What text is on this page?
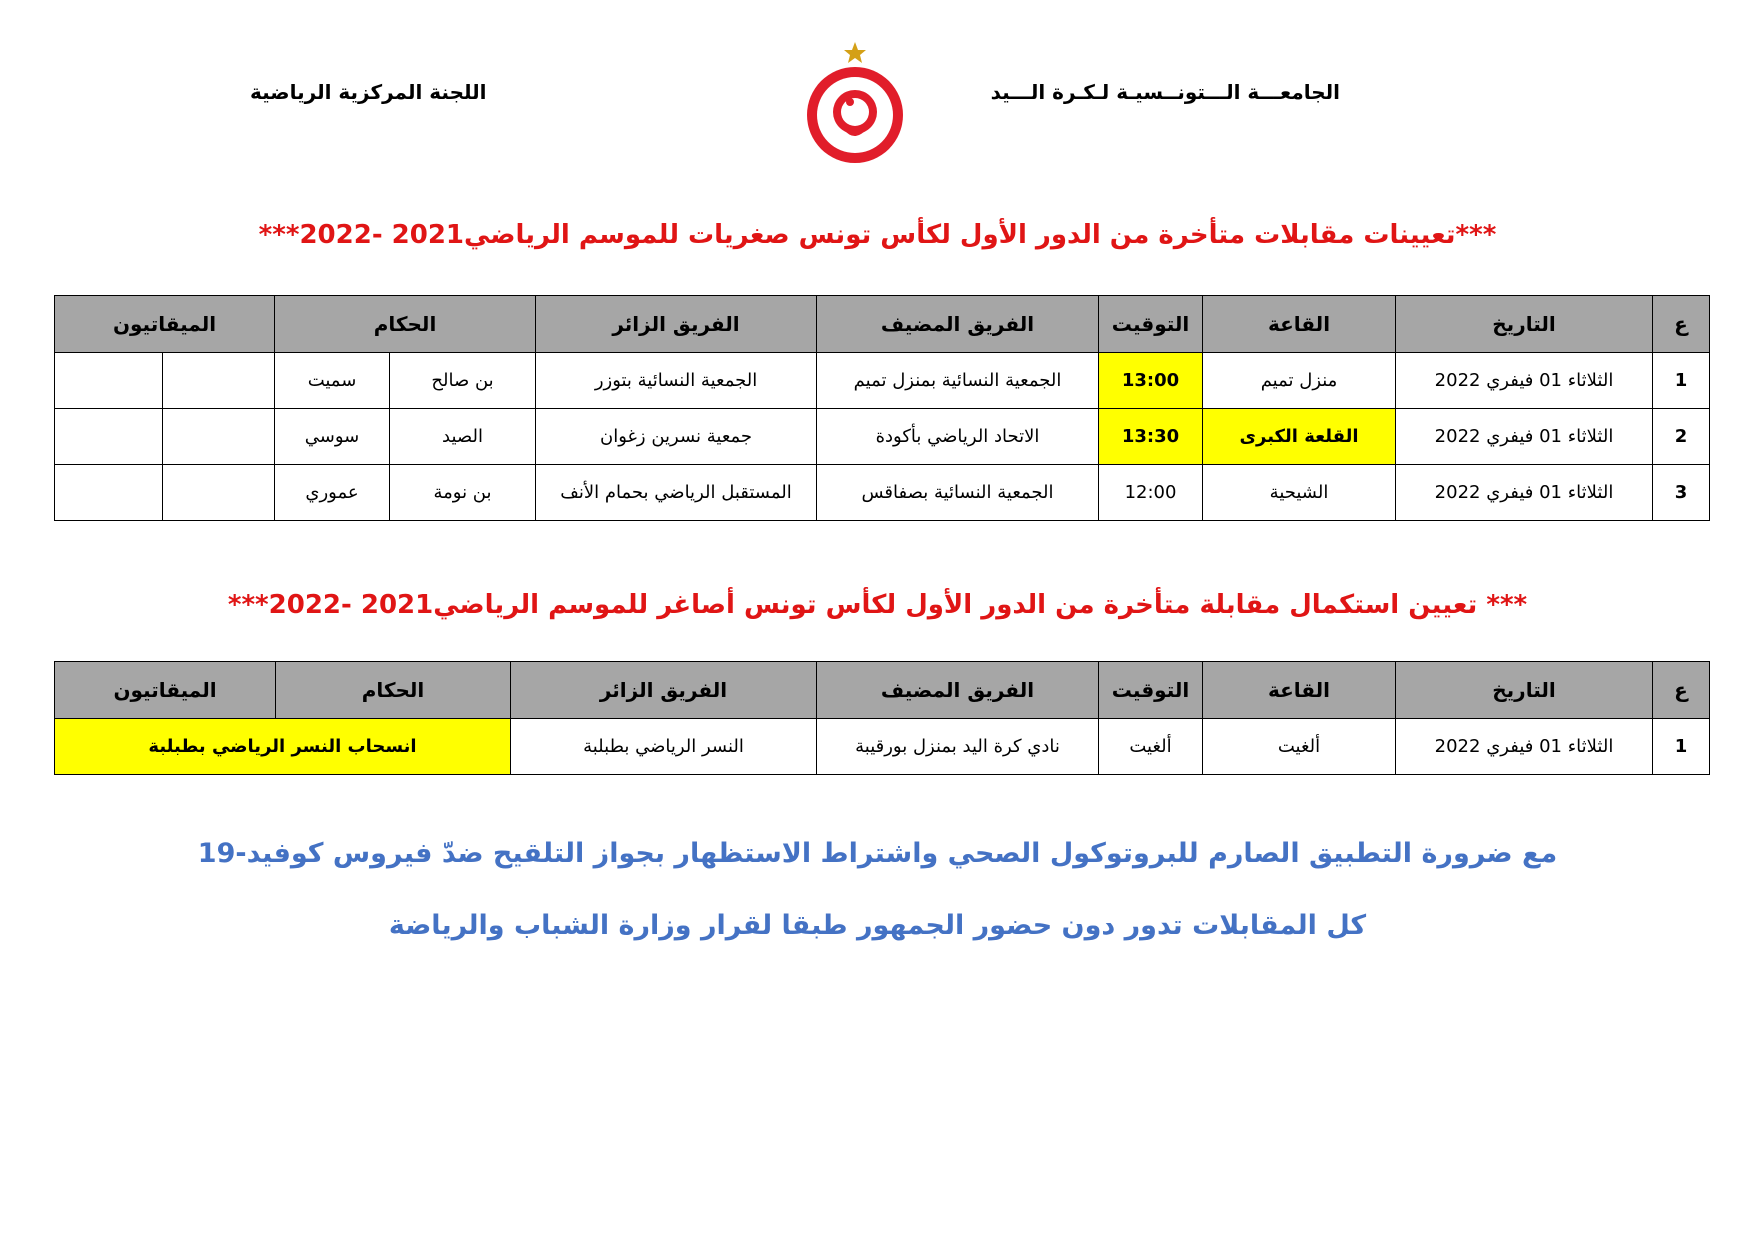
الجامعـــة الـــتونــسيـة لـكـرة الـــيد
اللجنة المركزية الرياضية
***تعيينات مقابلات متأخرة من الدور الأول لكأس تونس صغريات للموسم الرياضي2021 -2022***
ع	التاريخ	القاعة	التوقيت	الفريق المضيف	الفريق الزائر	الحكام		الميقاتيون	
1	الثلاثاء 01 فيفري 2022	منزل تميم	13:00	الجمعية النسائية بمنزل تميم	الجمعية النسائية بتوزر	بن صالح	سميت		
2	الثلاثاء 01 فيفري 2022	القلعة الكبرى	13:30	الاتحاد الرياضي بأكودة	جمعية نسرين زغوان	الصيد	سوسي		
3	الثلاثاء 01 فيفري 2022	الشيحية	12:00	الجمعية النسائية بصفاقس	المستقبل الرياضي بحمام الأنف	بن نومة	عموري		
*** تعيين استكمال مقابلة متأخرة من الدور الأول لكأس تونس أصاغر للموسم الرياضي2021 -2022***
ع	التاريخ	القاعة	التوقيت	الفريق المضيف	الفريق الزائر	الحكام	الميقاتيون
1	الثلاثاء 01 فيفري 2022	ألغيت	ألغيت	نادي كرة اليد بمنزل بورقيبة	النسر الرياضي بطبلبة	انسحاب النسر الرياضي بطبلبة	
مع ضرورة التطبيق الصارم للبروتوكول الصحي واشتراط الاستظهار بجواز التلقيح ضدّ فيروس كوفيد-19
كل المقابلات تدور دون حضور الجمهور طبقا لقرار وزارة الشباب والرياضة
